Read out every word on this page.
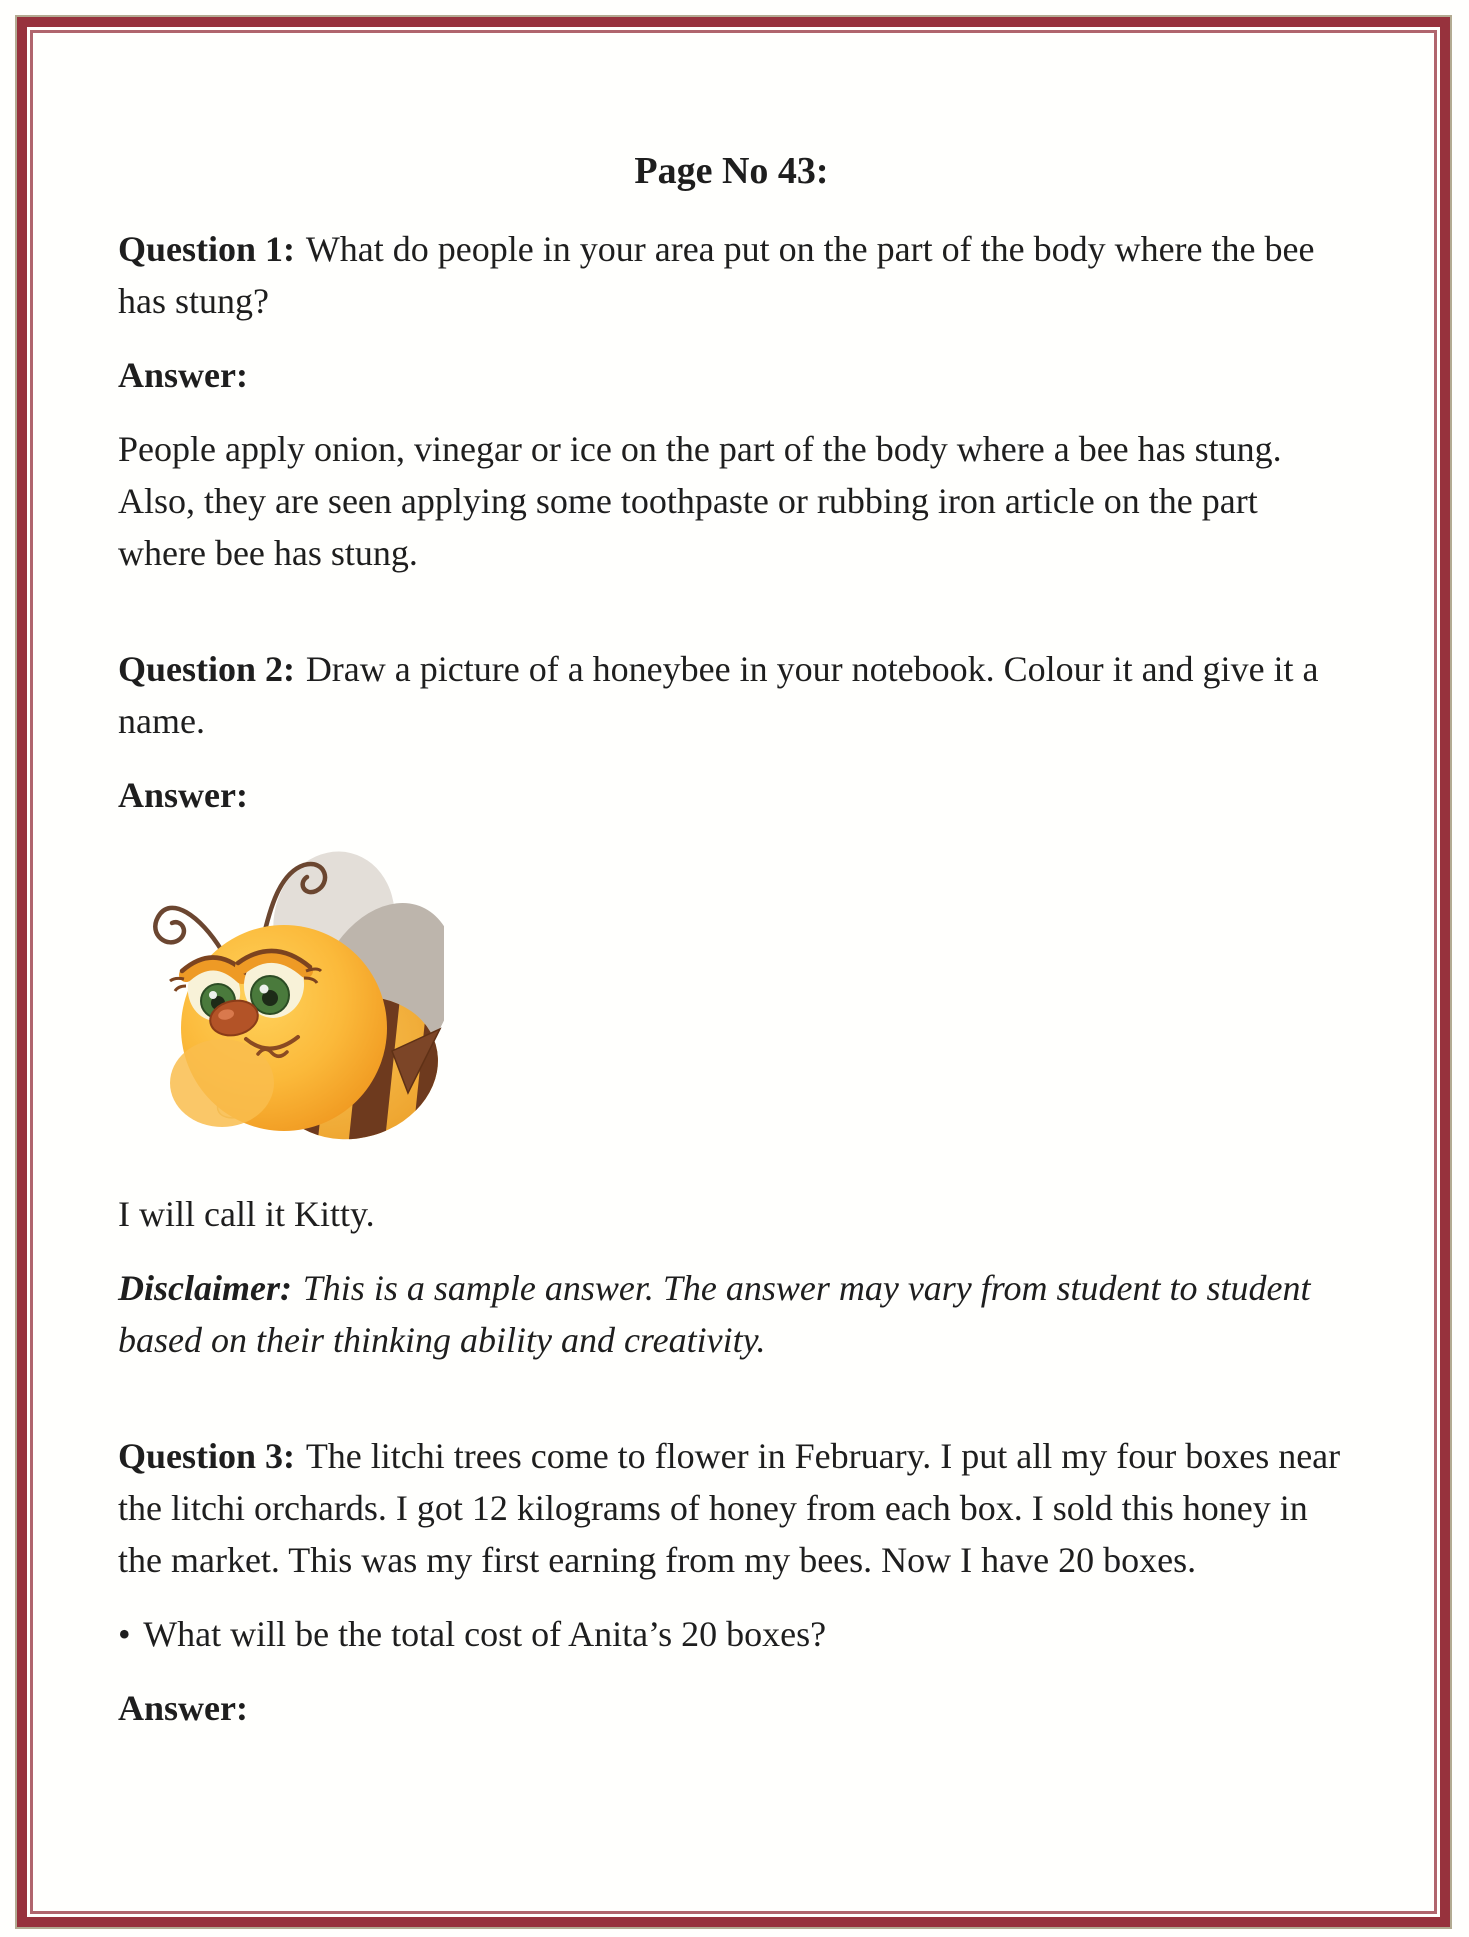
Page No 43:

Question 1: What do people in your area put on the part of the body where the bee has stung?

Answer:

People apply onion, vinegar or ice on the part of the body where a bee has stung. Also, they are seen applying some toothpaste or rubbing iron article on the part where bee has stung.

Question 2: Draw a picture of a honeybee in your notebook. Colour it and give it a name.

Answer:

I will call it Kitty.

Disclaimer: This is a sample answer. The answer may vary from student to student based on their thinking ability and creativity.

Question 3: The litchi trees come to flower in February. I put all my four boxes near the litchi orchards. I got 12 kilograms of honey from each box. I sold this honey in the market. This was my first earning from my bees. Now I have 20 boxes.

• What will be the total cost of Anita’s 20 boxes?

Answer:
